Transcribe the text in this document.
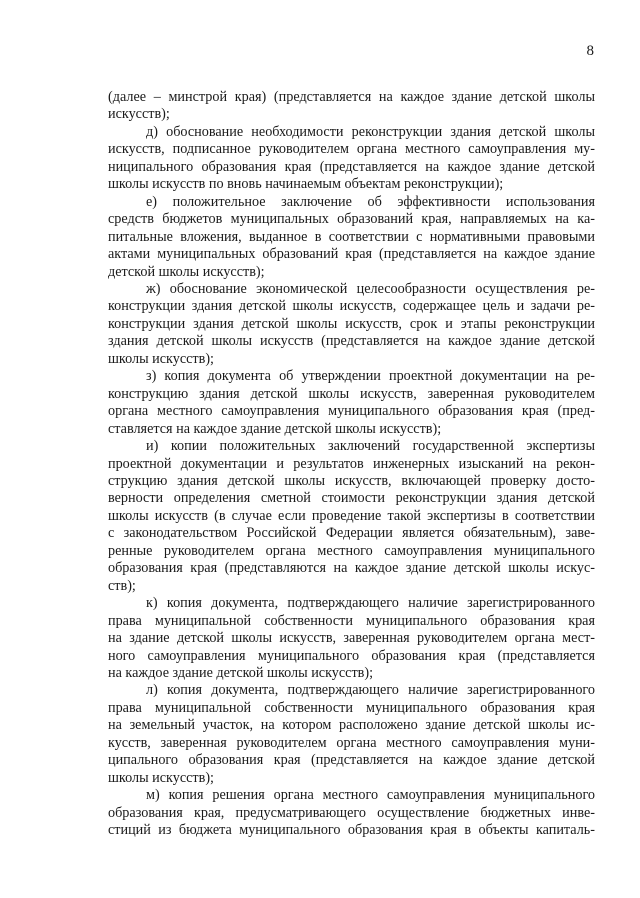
8
(далее – минстрой края) (представляется на каждое здание детской школы
искусств);
д) обоснование необходимости реконструкции здания детской школы
искусств, подписанное руководителем органа местного самоуправления му-
ниципального образования края (представляется на каждое здание детской
школы искусств по вновь начинаемым объектам реконструкции);
е) положительное заключение об эффективности использования
средств бюджетов муниципальных образований края, направляемых на ка-
питальные вложения, выданное в соответствии с нормативными правовыми
актами муниципальных образований края (представляется на каждое здание
детской школы искусств);
ж) обоснование экономической целесообразности осуществления ре-
конструкции здания детской школы искусств, содержащее цель и задачи ре-
конструкции здания детской школы искусств, срок и этапы реконструкции
здания детской школы искусств (представляется на каждое здание детской
школы искусств);
з) копия документа об утверждении проектной документации на ре-
конструкцию здания детской школы искусств, заверенная руководителем
органа местного самоуправления муниципального образования края (пред-
ставляется на каждое здание детской школы искусств);
и) копии положительных заключений государственной экспертизы
проектной документации и результатов инженерных изысканий на рекон-
струкцию здания детской школы искусств, включающей проверку досто-
верности определения сметной стоимости реконструкции здания детской
школы искусств (в случае если проведение такой экспертизы в соответствии
с законодательством Российской Федерации является обязательным), заве-
ренные руководителем органа местного самоуправления муниципального
образования края (представляются на каждое здание детской школы искус-
ств);
к) копия документа, подтверждающего наличие зарегистрированного
права муниципальной собственности муниципального образования края
на здание детской школы искусств, заверенная руководителем органа мест-
ного самоуправления муниципального образования края (представляется
на каждое здание детской школы искусств);
л) копия документа, подтверждающего наличие зарегистрированного
права муниципальной собственности муниципального образования края
на земельный участок, на котором расположено здание детской школы ис-
кусств, заверенная руководителем органа местного самоуправления муни-
ципального образования края (представляется на каждое здание детской
школы искусств);
м) копия решения органа местного самоуправления муниципального
образования края, предусматривающего осуществление бюджетных инве-
стиций из бюджета муниципального образования края в объекты капиталь-
